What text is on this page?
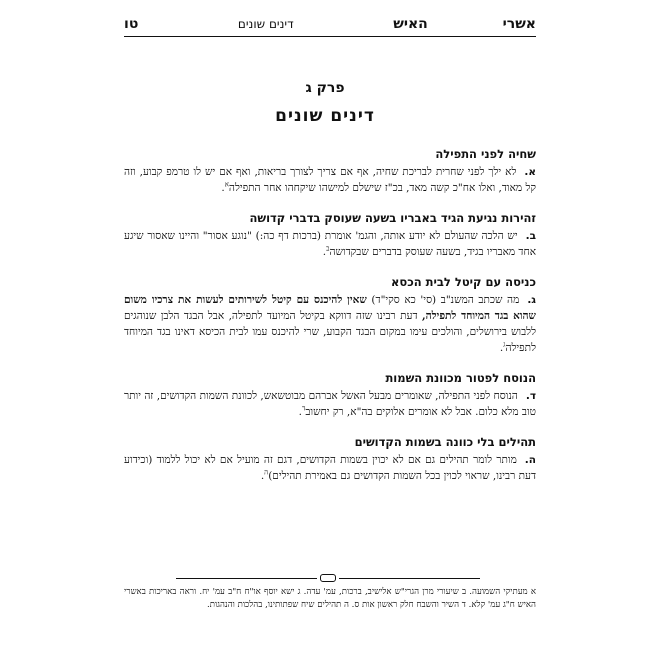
אשרי האיש
דינים שונים
טו
פרק ג
דינים שונים
שחיה לפני התפילה

א.לא ילך לפני שחרית לבריכת שחיה, אף אם צריך לצורך בריאות, ואף אם יש לו טרמפ קבוע, וזה קל מאוד, ואלו אח"כ קשה מאד, בכ"ז שישלם למישהו שיקחהו אחר התפילה$^א$.

זהירות נגיעת הגיד באבריו בשעה שעוסק בדברי קדושה

ב.יש הלכה שהעולם לא יודע אותה, והגמ' אומרת (ברכות דף כה:) "נוגע אסור" והיינו שאסור שיגע אחד מאבריו בגיד, בשעה שעוסק בדברים שבקדושה$^ב$.

כניסה עם קיטל לבית הכסא

ג.מה שכתב המשנ"ב (סי' כא סקי"ד) שאין להיכנס עם קיטל לשירותים לעשות את צרכיו משום שהוא בגד המיוחד לתפילה, דעת רבינו שזה דווקא בקיטל המיועד לתפילה, אבל הבגד הלבן שנוהגים ללבוש בירושלים, והולכים עימו במקום הבגד הקבוע, שרי להיכנס עמו לבית הכיסא דאינו בגד המיוחד לתפילה$^ג$.

הנוסח לפטור מכוונת השמות

ד.הנוסח לפני התפילה, שאומרים מבעל האשל אברהם מבוטשאש, לכוונת השמות הקדושים, זה יותר טוב מלא כלום. אבל לא אומרים אלוקים בה"א, רק יחשוב$^ד$.

תהילים בלי כוונה בשמות הקדושים

ה.מותר לומר תהילים גם אם לא יכוין בשמות הקדושים, דגם זה מועיל אם לא יכול ללמוד (וכידוע דעת רבינו, שראוי לכוין בכל השמות הקדושים גם באמירת תהילים)$^ה$.

א מעתיקי השמועה. ב שיעורי מרן הגרי"ש אלישיב, ברכות, עמ' עדה. ג ישא יוסף או"ח ח"ב עמ' יח. וראה באריכות באשרי האיש ח"ג עמ' קלא. ד השיר והשבח חלק ראשון אות ס. ה תהילים שיח שפתותינו, בהלכות והנהגות.
